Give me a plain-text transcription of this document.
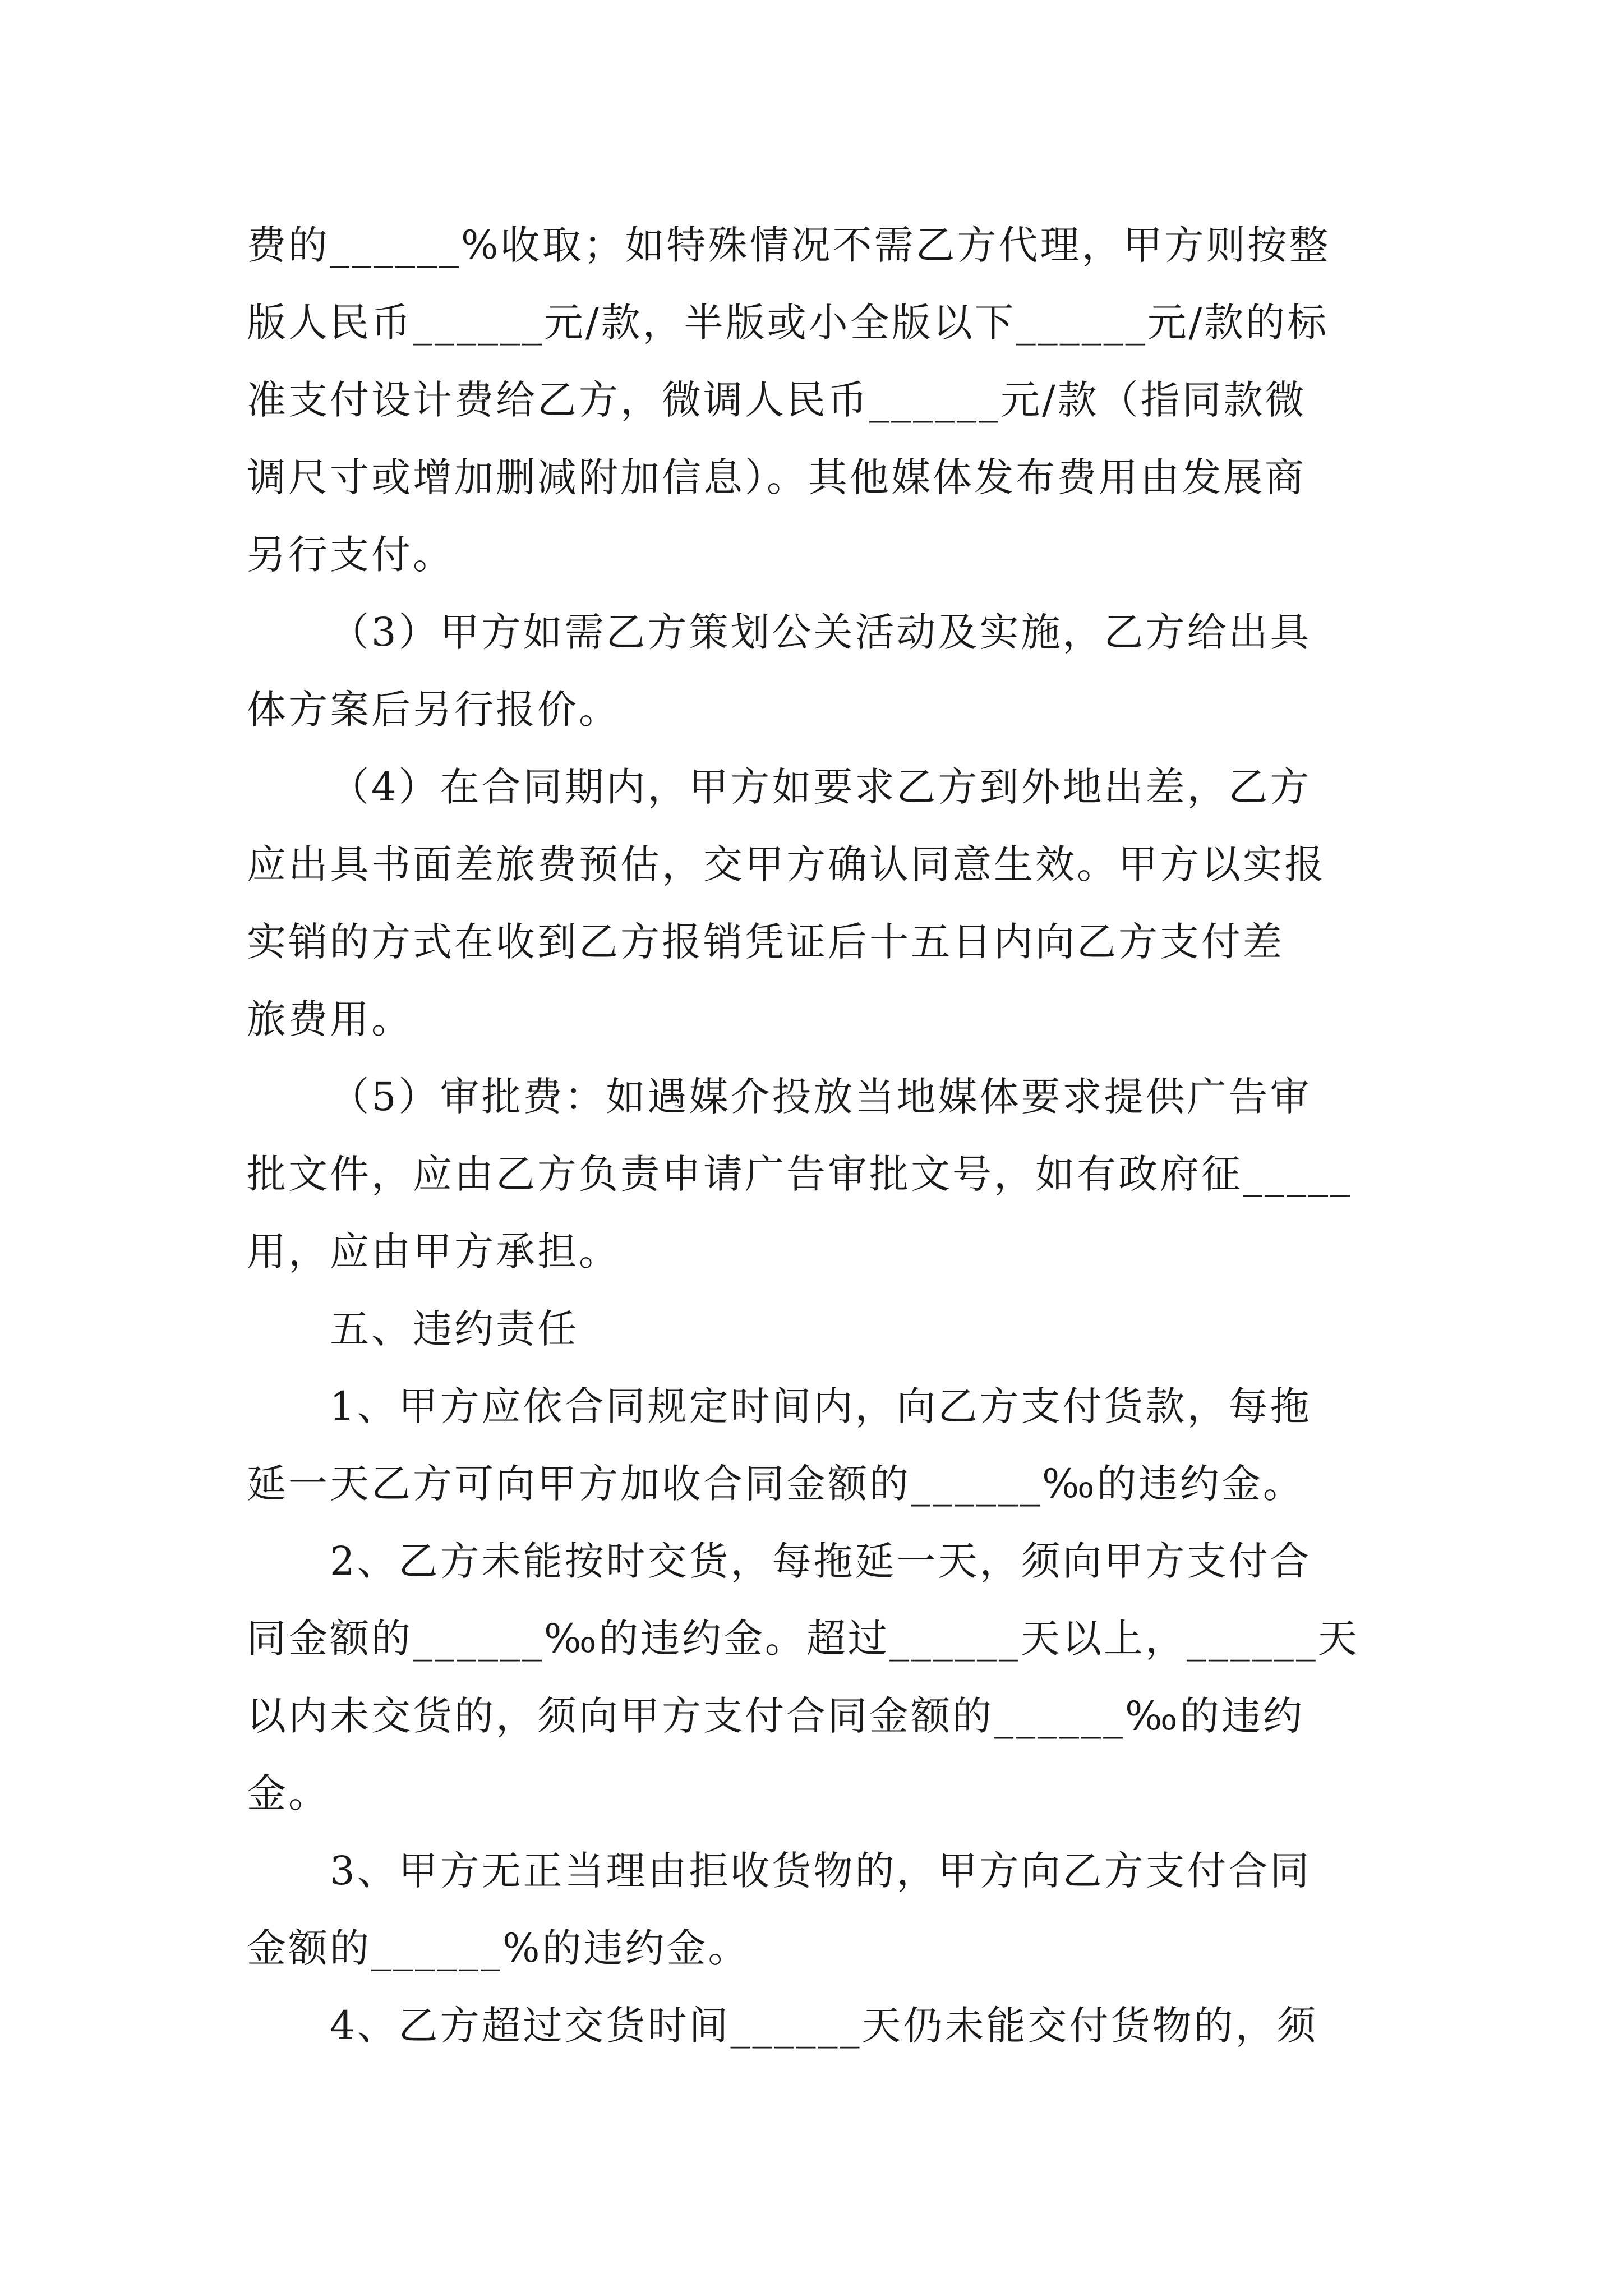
费的______%收取；如特殊情况不需乙方代理，甲方则按整
版人民币______元/款，半版或小全版以下______元/款的标
准支付设计费给乙方，微调人民币______元/款（指同款微
调尺寸或增加删减附加信息）。其他媒体发布费用由发展商
另行支付。
（3）甲方如需乙方策划公关活动及实施，乙方给出具
体方案后另行报价。
（4）在合同期内，甲方如要求乙方到外地出差，乙方
应出具书面差旅费预估，交甲方确认同意生效。甲方以实报
实销的方式在收到乙方报销凭证后十五日内向乙方支付差
旅费用。
（5）审批费：如遇媒介投放当地媒体要求提供广告审
批文件，应由乙方负责申请广告审批文号，如有政府征_____
用，应由甲方承担。
五、违约责任
1、甲方应依合同规定时间内，向乙方支付货款，每拖
延一天乙方可向甲方加收合同金额的______‰的违约金。
2、乙方未能按时交货，每拖延一天，须向甲方支付合
同金额的______‰的违约金。超过______天以上，______天
以内未交货的，须向甲方支付合同金额的______‰的违约
金。
3、甲方无正当理由拒收货物的，甲方向乙方支付合同
金额的______%的违约金。
4、乙方超过交货时间______天仍未能交付货物的，须
